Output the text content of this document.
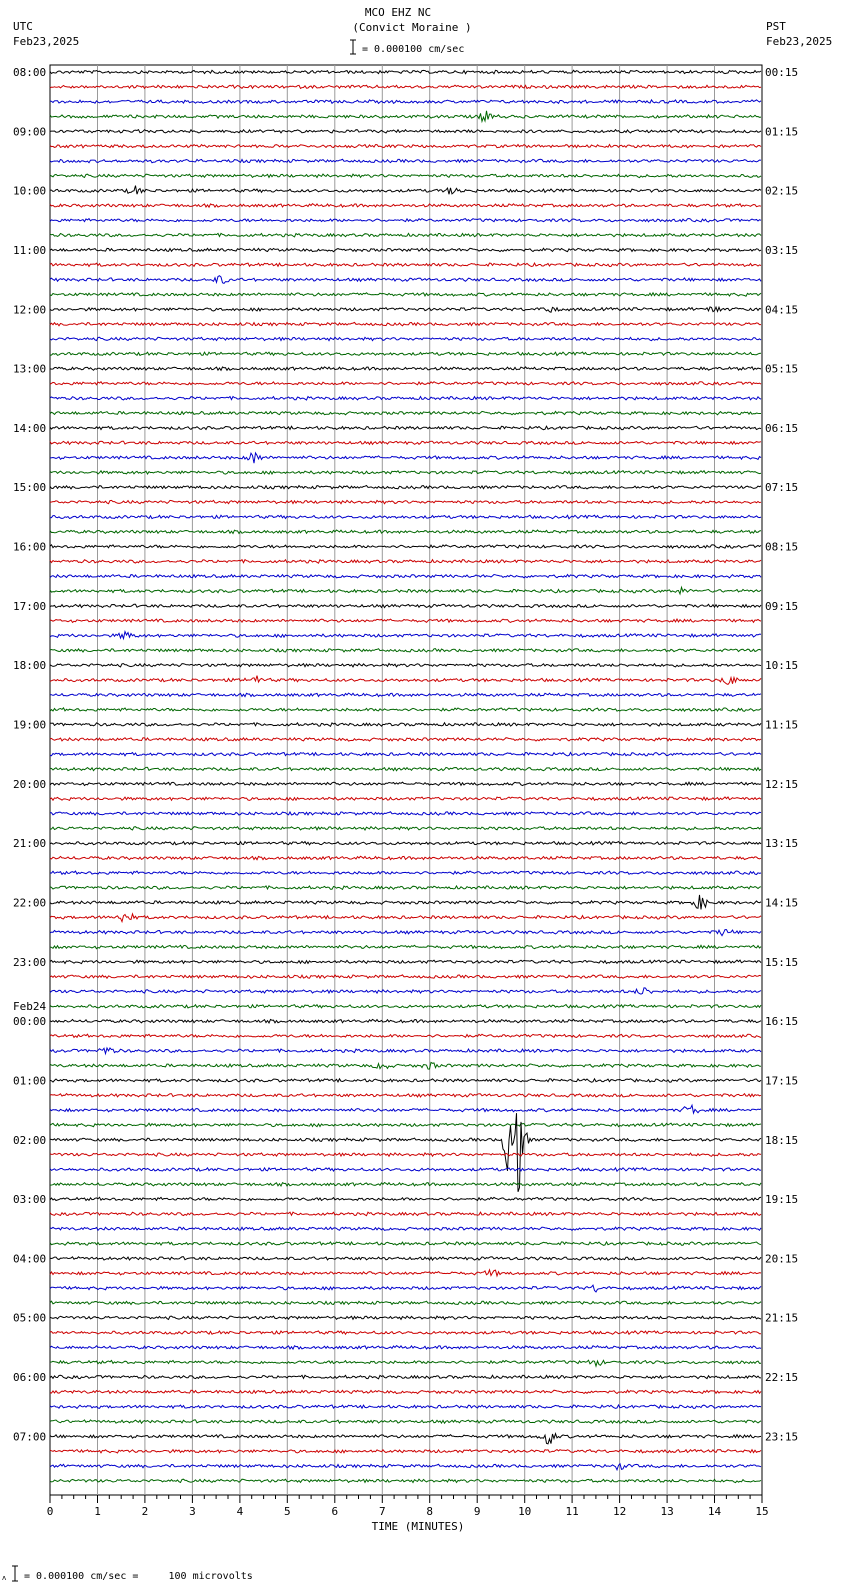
MCO EHZ NC
(Convict Moraine )
= 0.000100 cm/sec
UTC
Feb23,2025
PST
Feb23,2025
08:00
09:00
10:00
11:00
12:00
13:00
14:00
15:00
16:00
17:00
18:00
19:00
20:00
21:00
22:00
23:00
00:00
Feb24
01:00
02:00
03:00
04:00
05:00
06:00
07:00
00:15
01:15
02:15
03:15
04:15
05:15
06:15
07:15
08:15
09:15
10:15
11:15
12:15
13:15
14:15
15:15
16:15
17:15
18:15
19:15
20:15
21:15
22:15
23:15
0	1	2	3	4	5	6	7	8	9	10	11	12	13	14	15
TIME (MINUTES)
ʌ = 0.000100 cm/sec =     100 microvolts
